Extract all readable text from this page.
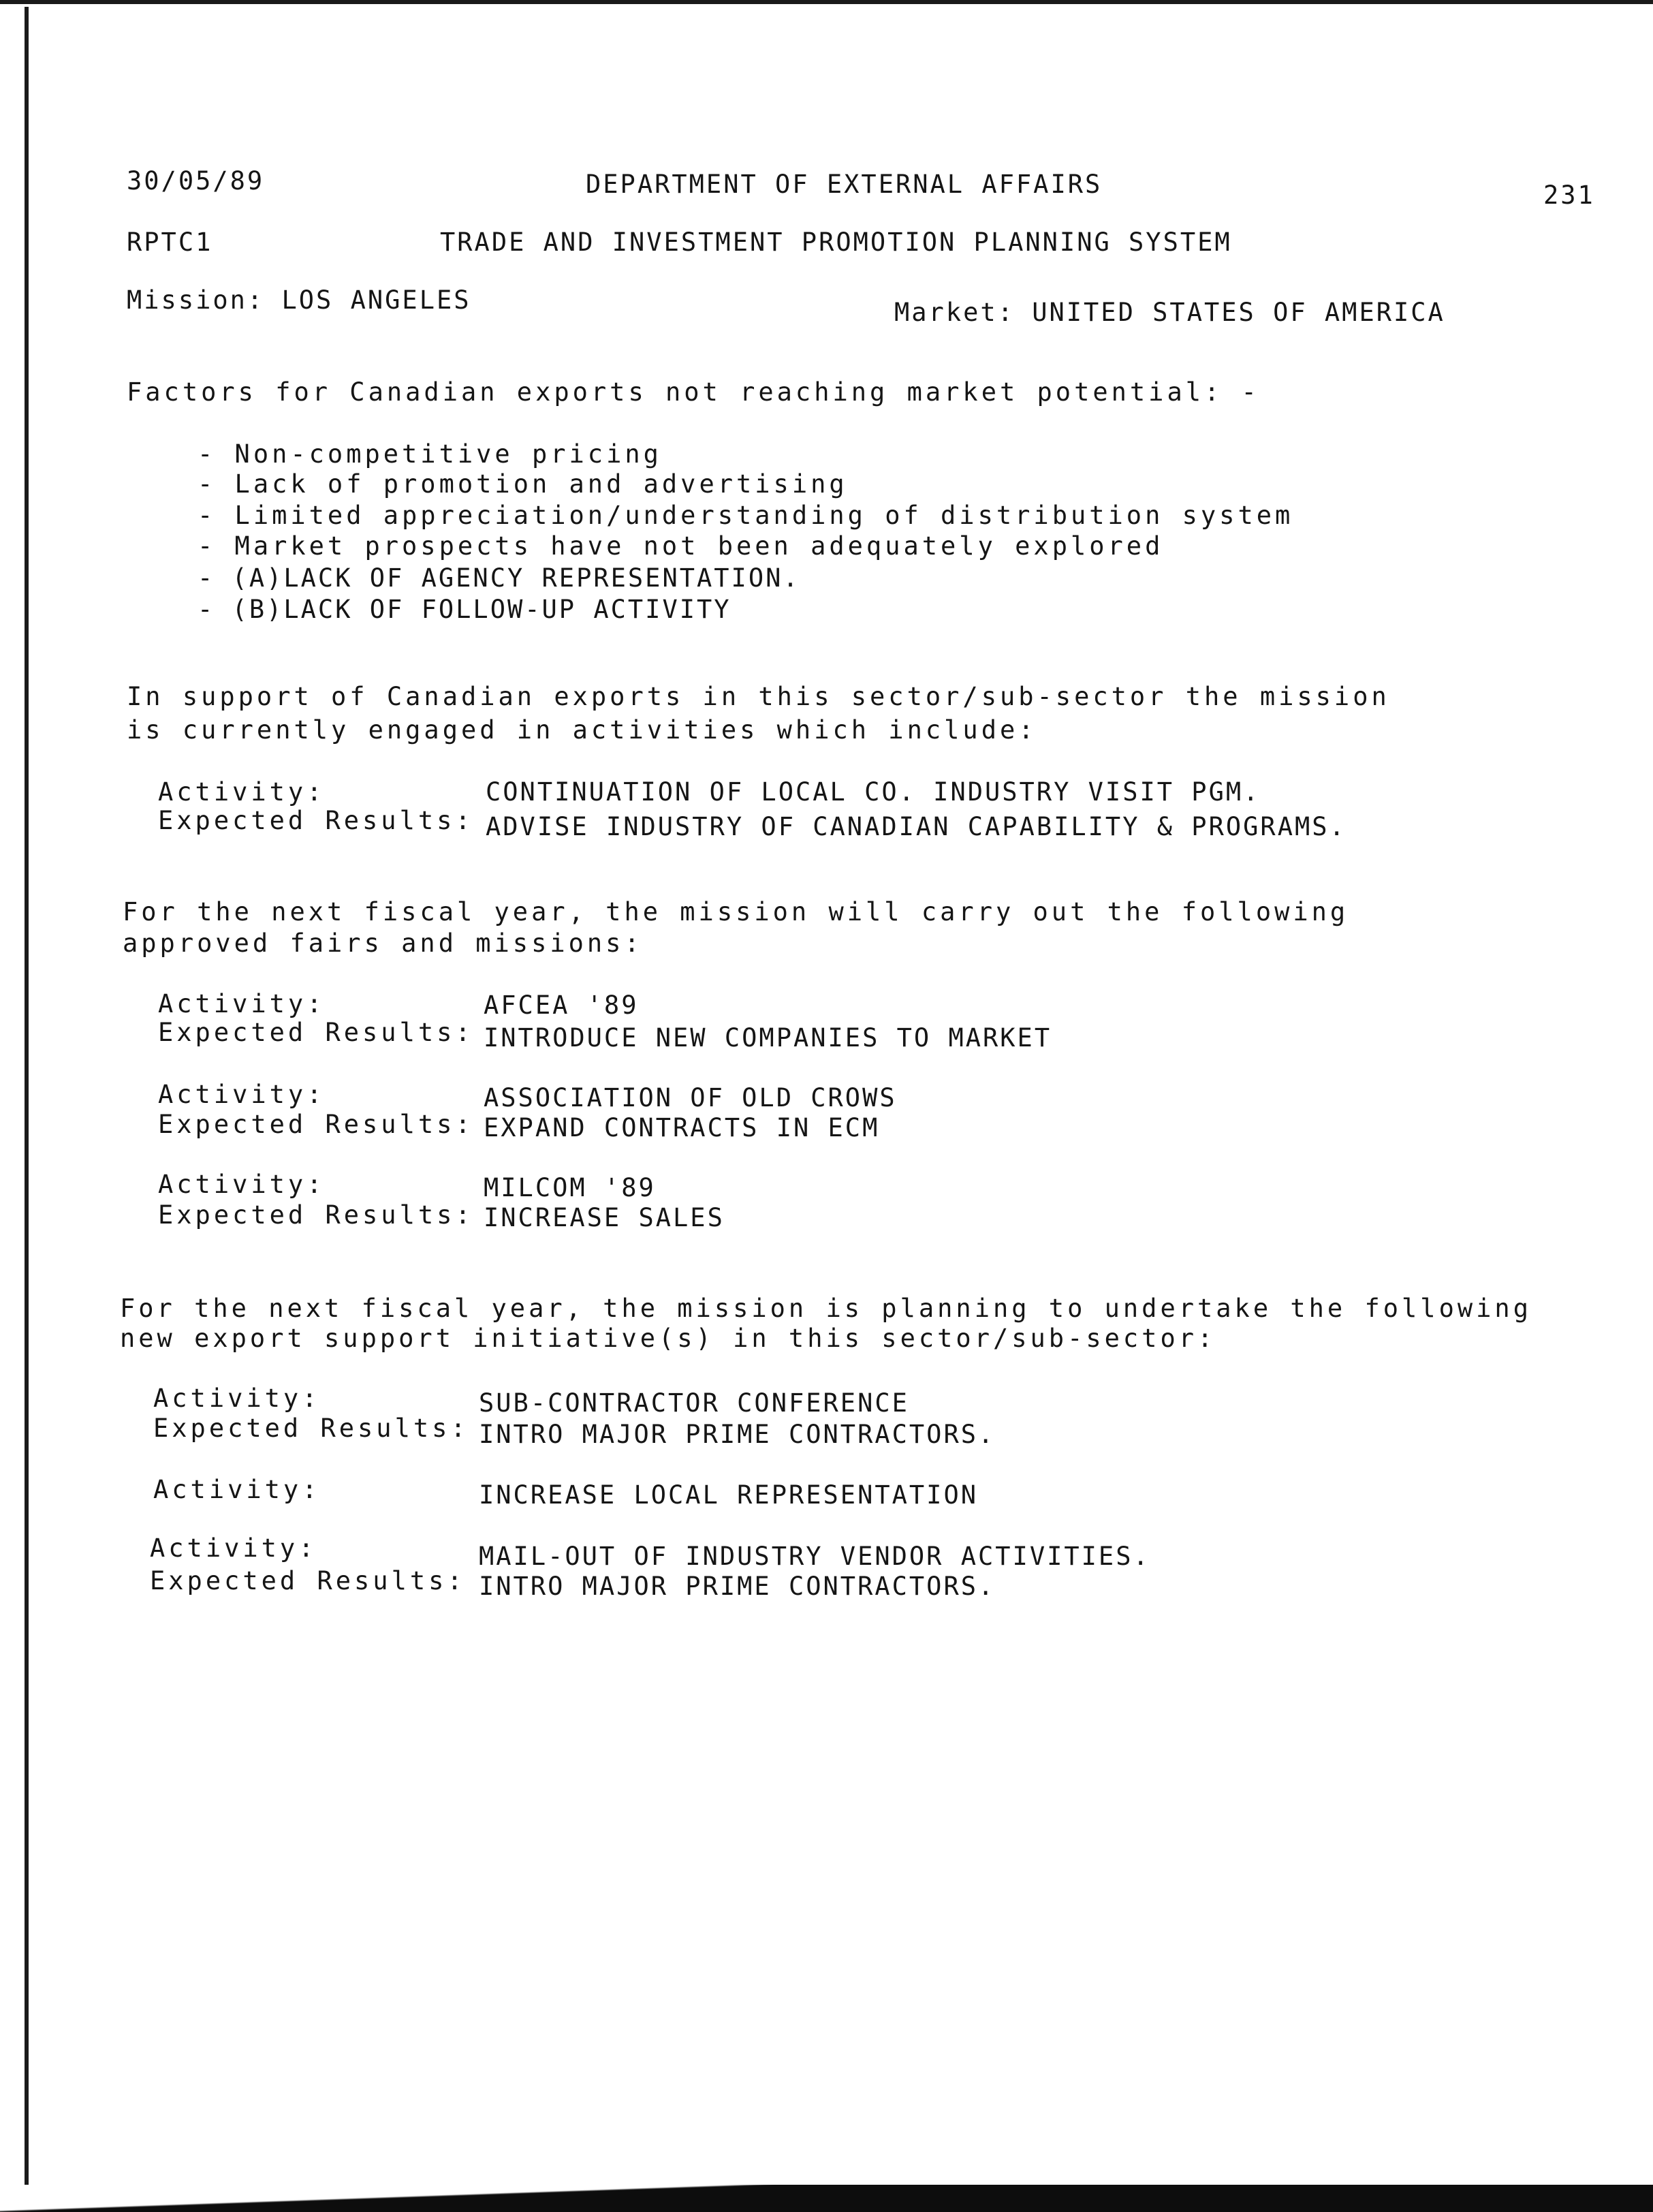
30/05/89	DEPARTMENT OF EXTERNAL AFFAIRS	231
RPTC1	TRADE AND INVESTMENT PROMOTION PLANNING SYSTEM
Mission: LOS ANGELES	Market: UNITED STATES OF AMERICA
Factors for Canadian exports not reaching market potential: -
- Non-competitive pricing
- Lack of promotion and advertising
- Limited appreciation/understanding of distribution system
- Market prospects have not been adequately explored
- (A)LACK OF AGENCY REPRESENTATION.
- (B)LACK OF FOLLOW-UP ACTIVITY
In support of Canadian exports in this sector/sub-sector the mission
is currently engaged in activities which include:
Activity:	CONTINUATION OF LOCAL CO. INDUSTRY VISIT PGM.
Expected Results: ADVISE INDUSTRY OF CANADIAN CAPABILITY & PROGRAMS.
For the next fiscal year, the mission will carry out the following
approved fairs and missions:
Activity:	AFCEA '89
Expected Results: INTRODUCE NEW COMPANIES TO MARKET
Activity:	ASSOCIATION OF OLD CROWS
Expected Results: EXPAND CONTRACTS IN ECM
Activity:	MILCOM '89
Expected Results: INCREASE SALES
For the next fiscal year, the mission is planning to undertake the following
new export support initiative(s) in this sector/sub-sector:
Activity:	SUB-CONTRACTOR CONFERENCE
Expected Results: INTRO MAJOR PRIME CONTRACTORS.
Activity:	INCREASE LOCAL REPRESENTATION
Activity:	MAIL-OUT OF INDUSTRY VENDOR ACTIVITIES.
Expected Results: INTRO MAJOR PRIME CONTRACTORS.
